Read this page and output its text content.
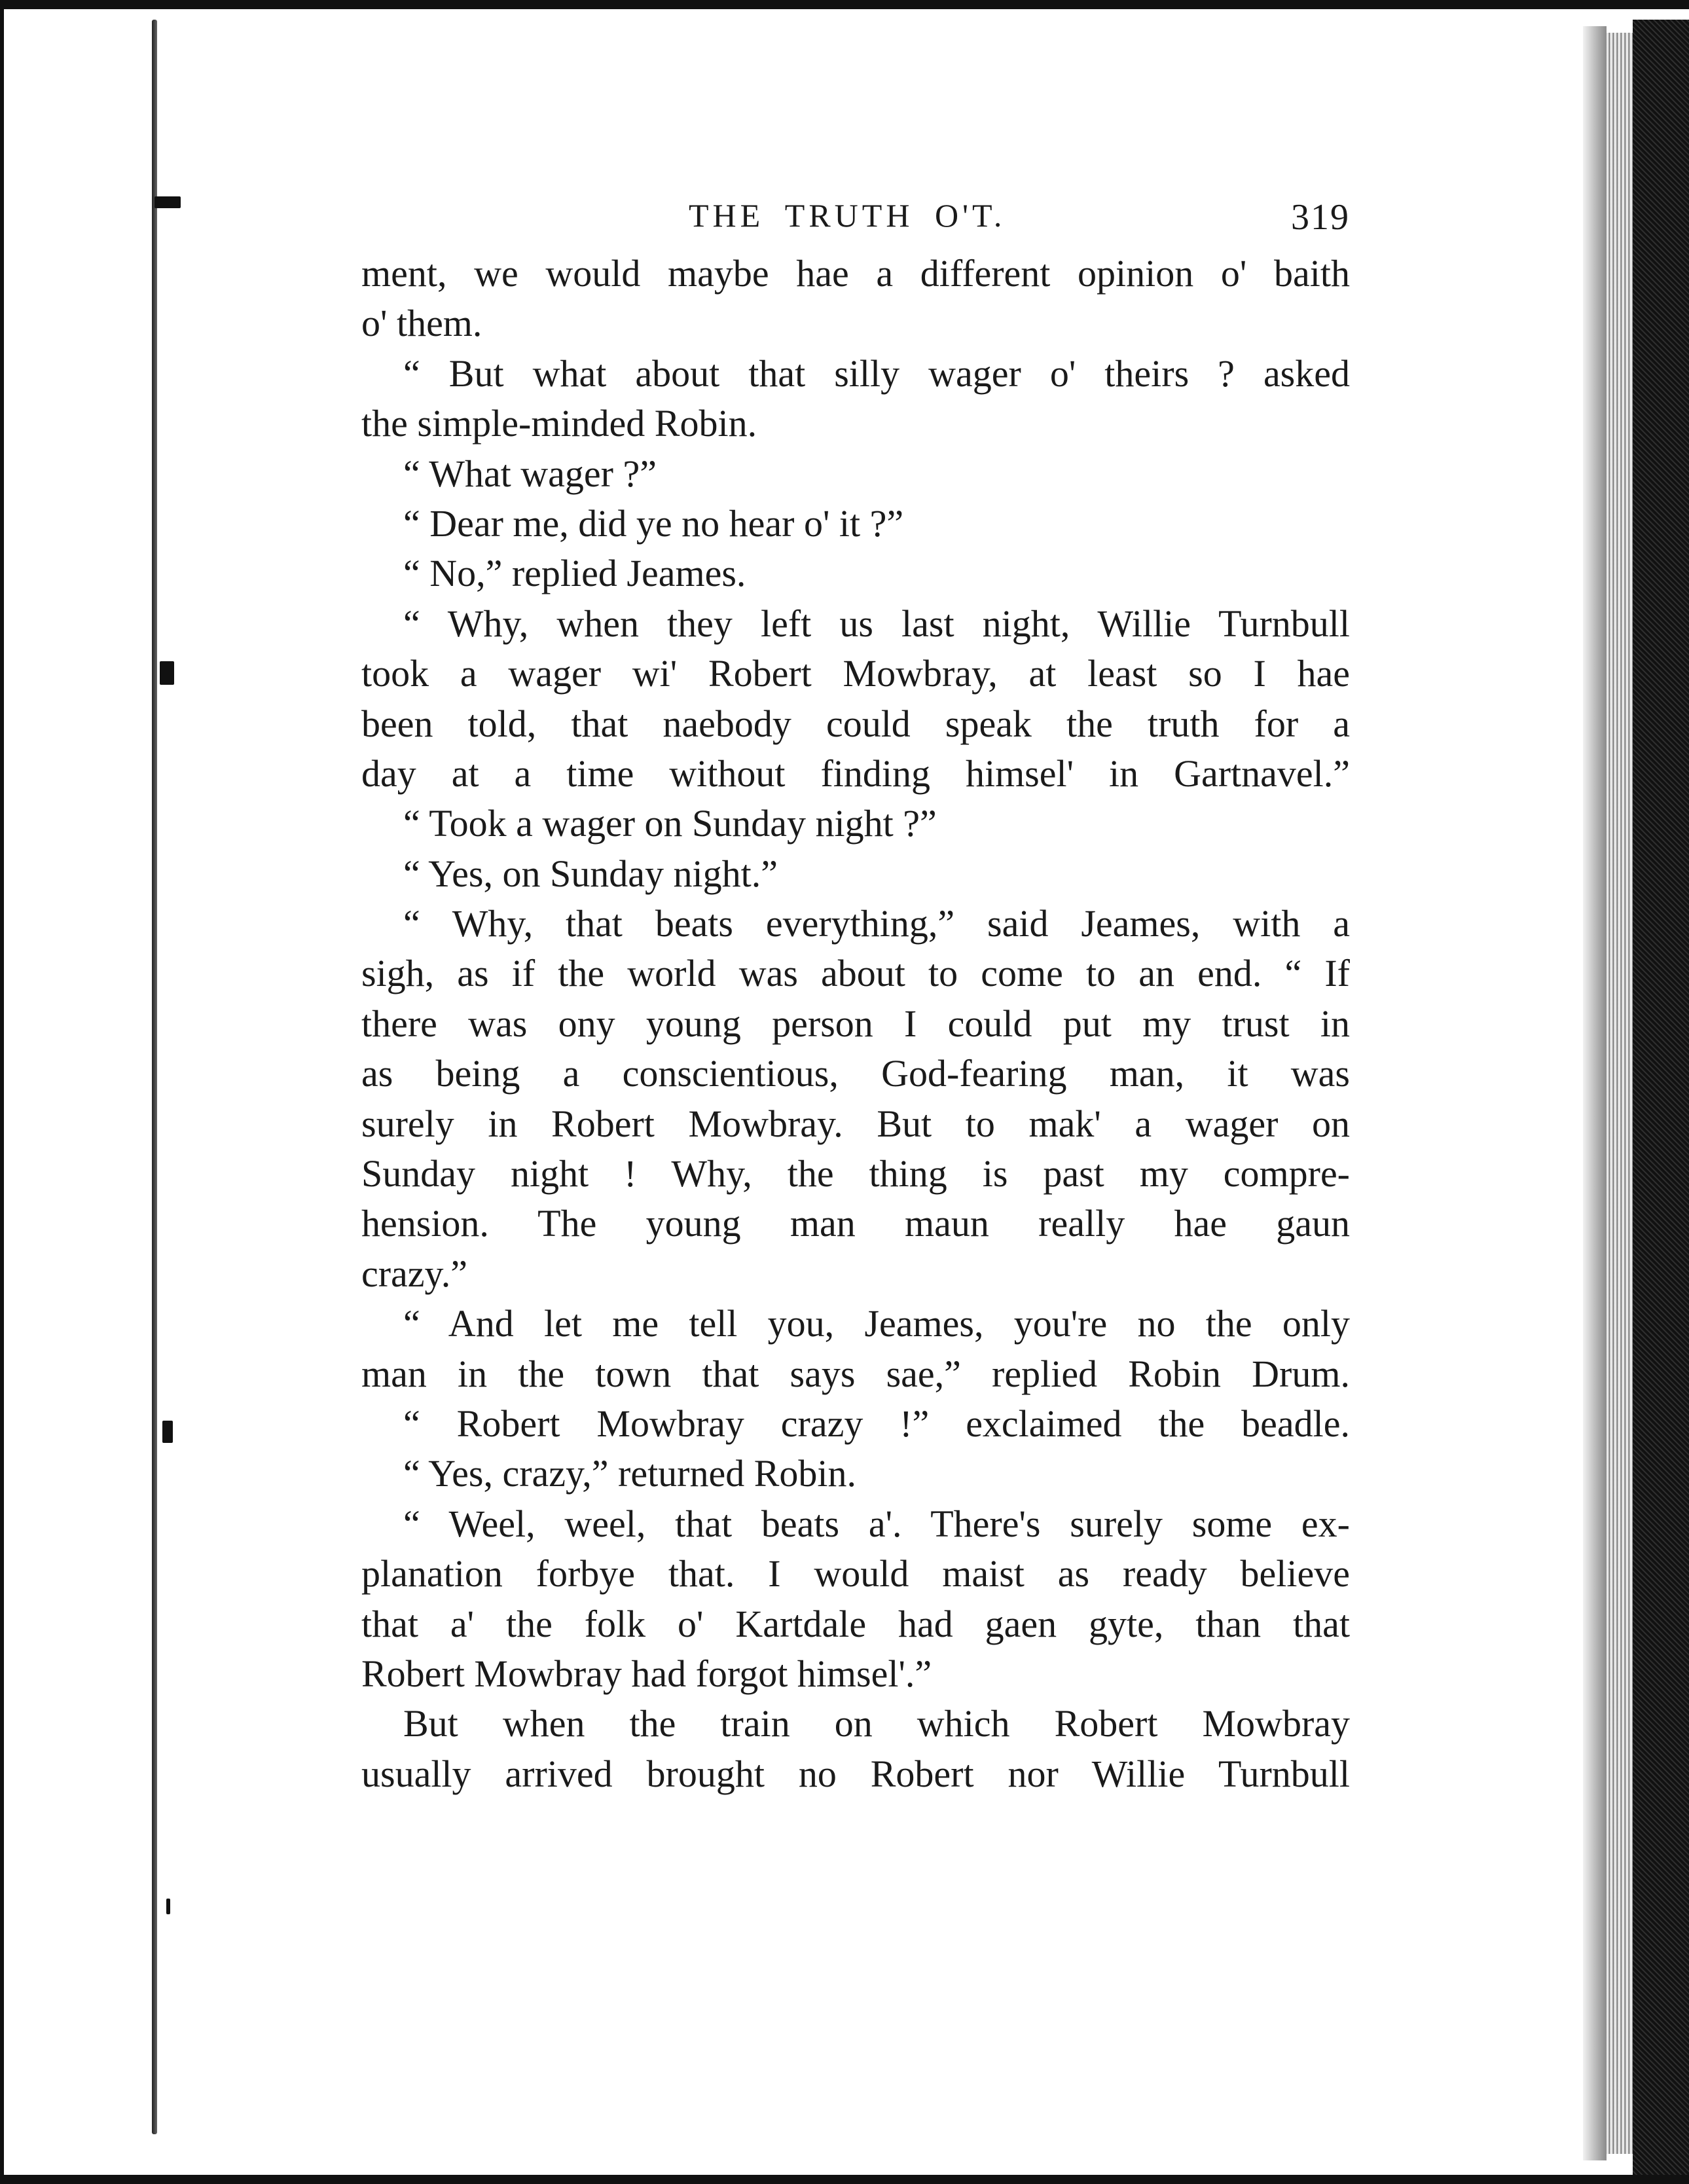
THE TRUTH O'T.	319
ment, we would maybe hae a different opinion o' baith
o' them.
“ But what about that silly wager o' theirs ? asked
the simple-minded Robin.
“ What wager ?”
“ Dear me, did ye no hear o' it ?”
“ No,” replied Jeames.
“ Why, when they left us last night, Willie Turnbull
took a wager wi' Robert Mowbray, at least so I hae
been told, that naebody could speak the truth for a
day at a time without finding himsel' in Gartnavel.”
“ Took a wager on Sunday night ?”
“ Yes, on Sunday night.”
“ Why, that beats everything,” said Jeames, with a
sigh, as if the world was about to come to an end. “ If
there was ony young person I could put my trust in
as being a conscientious, God-fearing man, it was
surely in Robert Mowbray. But to mak' a wager on
Sunday night ! Why, the thing is past my compre-
hension. The young man maun really hae gaun
crazy.”
“ And let me tell you, Jeames, you're no the only
man in the town that says sae,” replied Robin Drum.
“ Robert Mowbray crazy !” exclaimed the beadle.
“ Yes, crazy,” returned Robin.
“ Weel, weel, that beats a'. There's surely some ex-
planation forbye that. I would maist as ready believe
that a' the folk o' Kartdale had gaen gyte, than that
Robert Mowbray had forgot himsel'.”
But when the train on which Robert Mowbray
usually arrived brought no Robert nor Willie Turnbull
